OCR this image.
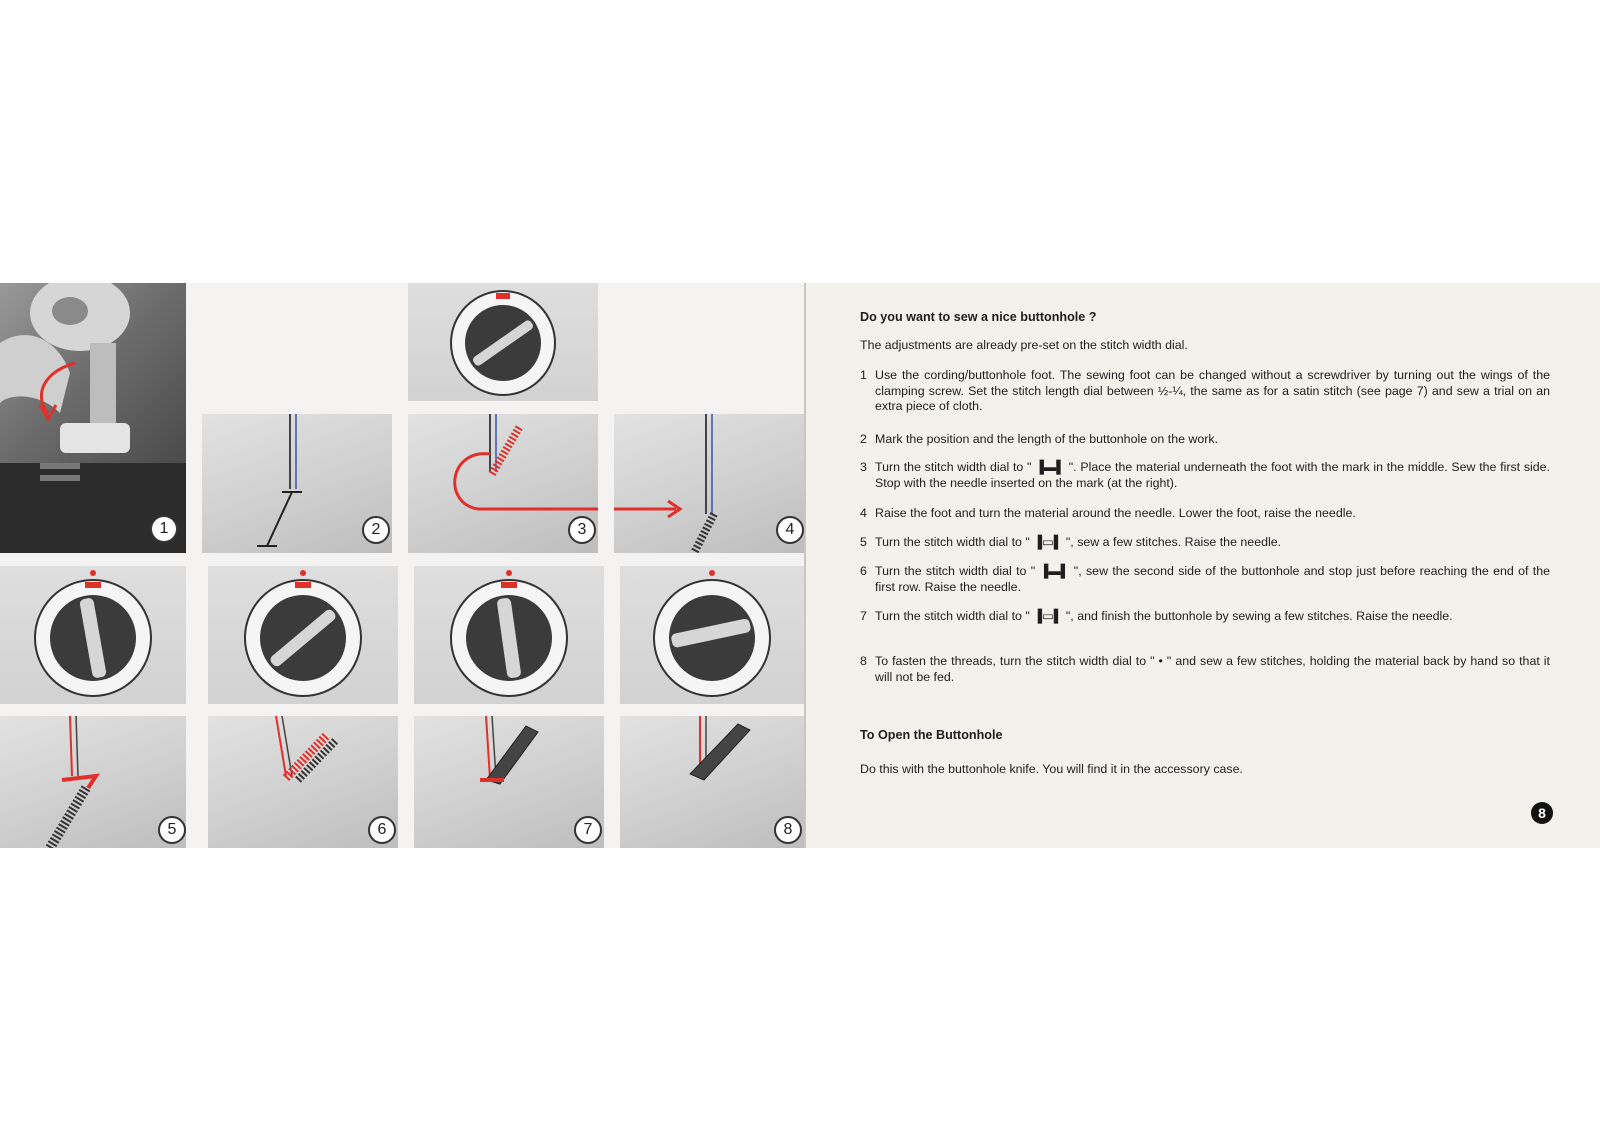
1	2	3	4
5	6	7	8
Do you want to sew a nice buttonhole ?
The adjustments are already pre-set on the stitch width dial.
1 Use the cording/buttonhole foot. The sewing foot can be changed without a screwdriver by turning out the wings of the clamping screw. Set the stitch length dial between ½-¼, the same as for a satin stitch (see page 7) and sew a trial on an extra piece of cloth.
2 Mark the position and the length of the buttonhole on the work.
3 Turn the stitch width dial to " ▐▬▌ ". Place the material underneath the foot with the mark in the middle. Sew the first side. Stop with the needle inserted on the mark (at the right).
4 Raise the foot and turn the material around the needle. Lower the foot, raise the needle.
5 Turn the stitch width dial to " ▐▭▌ ", sew a few stitches. Raise the needle.
6 Turn the stitch width dial to " ▐▬▌ ", sew the second side of the buttonhole and stop just before reaching the end of the first row. Raise the needle.
7 Turn the stitch width dial to " ▐▭▌ ", and finish the buttonhole by sewing a few stitches. Raise the needle.
8 To fasten the threads, turn the stitch width dial to " • " and sew a few stitches, holding the material back by hand so that it will not be fed.
To Open the Buttonhole
Do this with the buttonhole knife. You will find it in the accessory case.
8
